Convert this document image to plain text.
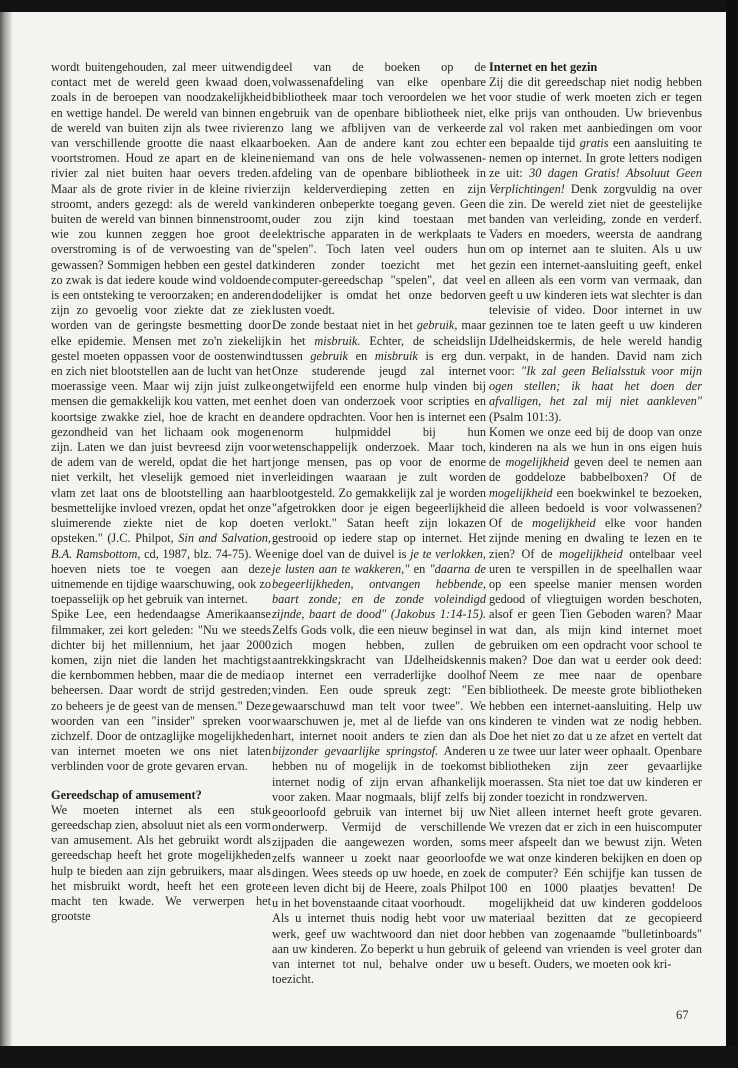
wordt buitengehouden, zal meer uitwendig contact met de wereld geen kwaad doen, zoals in de beroepen van noodzakelijkheid en wettige handel. De wereld van binnen en de wereld van buiten zijn als twee rivieren van verschillende grootte die naast elkaar voortstromen. Houd ze apart en de kleine rivier zal niet buiten haar oevers treden. Maar als de grote rivier in de kleine rivier stroomt, anders gezegd: als de wereld van buiten de wereld van binnen binnenstroomt, wie zou kunnen zeggen hoe groot de overstroming is of de verwoesting van de gewassen? Sommigen hebben een gestel dat zo zwak is dat iedere koude wind voldoende is een ontsteking te veroorzaken; en anderen zijn zo gevoelig voor ziekte dat ze ziek worden van de geringste besmetting door elke epidemie. Mensen met zo'n ziekelijk gestel moeten oppassen voor de oostenwind en zich niet blootstellen aan de lucht van het moerassige veen. Maar wij zijn juist zulke mensen die gemakkelijk kou vatten, met een koortsige zwakke ziel, hoe de kracht en de gezondheid van het lichaam ook mogen zijn. Laten we dan juist bevreesd zijn voor de adem van de wereld, opdat die het hart niet verkilt, het vleselijk gemoed niet in vlam zet laat ons de blootstelling aan haar besmettelijke invloed vrezen, opdat het onze sluimerende ziekte niet de kop doet opsteken." (J.C. Philpot, Sin and Salvation, B.A. Ramsbottom, cd, 1987, blz. 74-75). We hoeven niets toe te voegen aan deze uitnemende en tijdige waarschuwing, ook zo toepasselijk op het gebruik van internet.

Spike Lee, een hedendaagse Amerikaanse filmmaker, zei kort geleden: "Nu we steeds dichter bij het millennium, het jaar 2000 komen, zijn niet die landen het machtigst die kernbommen hebben, maar die de media beheersen. Daar wordt de strijd gestreden; zo beheers je de geest van de mensen." Deze woorden van een "insider" spreken voor zichzelf. Door de ontzaglijke mogelijkheden van internet moeten we ons niet laten verblinden voor de grote gevaren ervan.

Gereedschap of amusement?

We moeten internet als een stuk gereedschap zien, absoluut niet als een vorm van amusement. Als het gebruikt wordt als gereedschap heeft het grote mogelijkheden hulp te bieden aan zijn gebruikers, maar als het misbruikt wordt, heeft het een grote macht ten kwade. We verwerpen het grootste

deel van de boeken op de volwassenafdeling van elke openbare bibliotheek maar toch veroordelen we het gebruik van de openbare bibliotheek niet, zo lang we afblijven van de verkeerde boeken. Aan de andere kant zou echter niemand van ons de hele volwassenen-afdeling van de openbare bibliotheek in zijn kelderverdieping zetten en zijn kinderen onbeperkte toegang geven. Geen ouder zou zijn kind toestaan met elektrische apparaten in de werkplaats te "spelen". Toch laten veel ouders hun kinderen zonder toezicht met het computer-gereedschap "spelen", dat veel dodelijker is omdat het onze bedorven lusten voedt.

De zonde bestaat niet in het gebruik, maar in het misbruik. Echter, de scheidslijn tussen gebruik en misbruik is erg dun. Onze studerende jeugd zal internet ongetwijfeld een enorme hulp vinden bij het doen van onderzoek voor scripties en andere opdrachten. Voor hen is internet een enorm hulpmiddel bij hun wetenschappelijk onderzoek. Maar toch, jonge mensen, pas op voor de enorme verleidingen waaraan je zult worden blootgesteld. Zo gemakkelijk zal je worden "afgetrokken door je eigen begeerlijkheid en verlokt." Satan heeft zijn lokazen gestrooid op iedere stap op internet. Het enige doel van de duivel is je te verlokken, je lusten aan te wakkeren," en "daarna de begeerlijkheden, ontvangen hebbende, baart zonde; en de zonde voleindigd zijnde, baart de dood" (Jakobus 1:14-15). Zelfs Gods volk, die een nieuw beginsel in zich mogen hebben, zullen de aantrekkingskracht van IJdelheidskennis op internet een verraderlijke doolhof vinden. Een oude spreuk zegt: "Een gewaarschuwd man telt voor twee". We waarschuwen je, met al de liefde van ons hart, internet nooit anders te zien dan als bijzonder gevaarlijke springstof. Anderen hebben nu of mogelijk in de toekomst internet nodig of zijn ervan afhankelijk voor zaken. Maar nogmaals, blijf zelfs bij geoorloofd gebruik van internet bij uw onderwerp. Vermijd de verschillende zijpaden die aangewezen worden, soms zelfs wanneer u zoekt naar geoorloofde dingen. Wees steeds op uw hoede, en zoek een leven dicht bij de Heere, zoals Philpot u in het bovenstaande citaat voorhoudt.

Als u internet thuis nodig hebt voor uw werk, geef uw wachtwoord dan niet door aan uw kinderen. Zo beperkt u hun gebruik van internet tot nul, behalve onder uw toezicht.

Internet en het gezin

Zij die dit gereedschap niet nodig hebben voor studie of werk moeten zich er tegen elke prijs van onthouden. Uw brievenbus zal vol raken met aanbiedingen om voor een bepaalde tijd gratis een aansluiting te nemen op internet. In grote letters nodigen ze uit: 30 dagen Gratis! Absoluut Geen Verplichtingen! Denk zorgvuldig na over die zin. De wereld ziet niet de geestelijke banden van verleiding, zonde en verderf. Vaders en moeders, weersta de aandrang om op internet aan te sluiten. Als u uw gezin een internet-aansluiting geeft, enkel en alleen als een vorm van vermaak, dan geeft u uw kinderen iets wat slechter is dan televisie of video. Door internet in uw gezinnen toe te laten geeft u uw kinderen IJdelheidskermis, de hele wereld handig verpakt, in de handen. David nam zich voor: "Ik zal geen Belialsstuk voor mijn ogen stellen; ik haat het doen der afvalligen, het zal mij niet aankleven" (Psalm 101:3).

Komen we onze eed bij de doop van onze kinderen na als we hun in ons eigen huis de mogelijkheid geven deel te nemen aan de goddeloze babbelboxen? Of de mogelijkheid een boekwinkel te bezoeken, die alleen bedoeld is voor volwassenen? Of de mogelijkheid elke voor handen zijnde mening en dwaling te lezen en te zien? Of de mogelijkheid ontelbaar veel uren te verspillen in de speelhallen waar op een speelse manier mensen worden gedood of vliegtuigen worden beschoten, alsof er geen Tien Geboden waren? Maar wat dan, als mijn kind internet moet gebruiken om een opdracht voor school te maken? Doe dan wat u eerder ook deed: Neem ze mee naar de openbare bibliotheek. De meeste grote bibliotheken hebben een internet-aansluiting. Help uw kinderen te vinden wat ze nodig hebben. Doe het niet zo dat u ze afzet en vertelt dat u ze twee uur later weer ophaalt. Openbare bibliotheken zijn zeer gevaarlijke moerassen. Sta niet toe dat uw kinderen er zonder toezicht in rondzwerven.

Niet alleen internet heeft grote gevaren. We vrezen dat er zich in een huiscomputer meer afspeelt dan we bewust zijn. Weten we wat onze kinderen bekijken en doen op de computer? Eén schijfje kan tussen de 100 en 1000 plaatjes bevatten! De mogelijkheid dat uw kinderen goddeloos materiaal bezitten dat ze gecopieerd hebben van zogenaamde "bulletinboards" of geleend van vrienden is veel groter dan u beseft. Ouders, we moeten ook kri-

67
